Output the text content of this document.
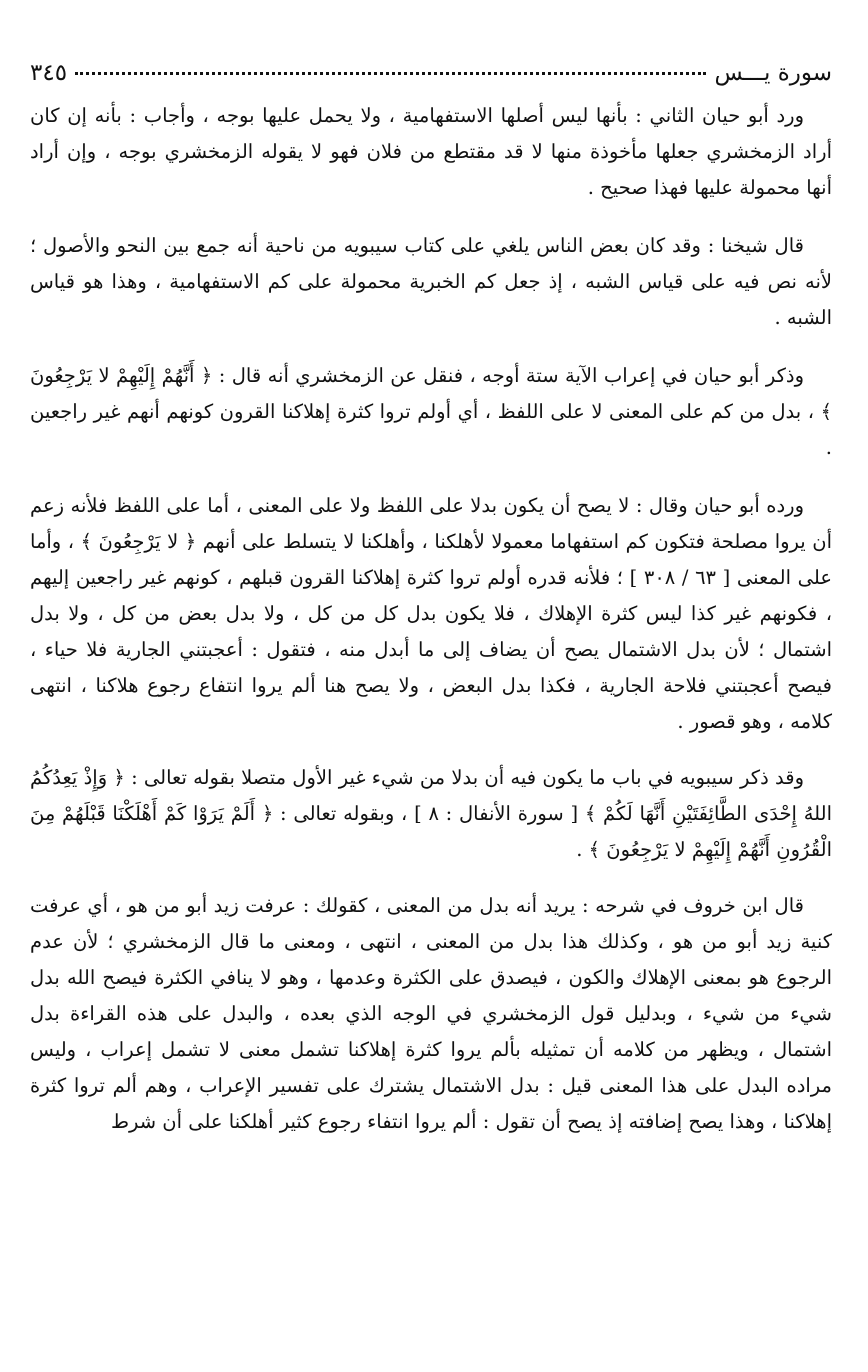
سورة يـــس
٣٤٥

ورد أبو حيان الثاني : بأنها ليس أصلها الاستفهامية ، ولا يحمل عليها بوجه ، وأجاب : بأنه إن كان أراد الزمخشري جعلها مأخوذة منها لا قد مقتطع من فلان فهو لا يقوله الزمخشري بوجه ، وإن أراد أنها محمولة عليها فهذا صحيح .

قال شيخنا : وقد كان بعض الناس يلغي على كتاب سيبويه من ناحية أنه جمع بين النحو والأصول ؛ لأنه نص فيه على قياس الشبه ، إذ جعل كم الخبرية محمولة على كم الاستفهامية ، وهذا هو قياس الشبه .

وذكر أبو حيان في إعراب الآية ستة أوجه ، فنقل عن الزمخشري أنه قال : ﴿ أَنَّهُمْ إِلَيْهِمْ لا يَرْجِعُونَ ﴾ ، بدل من كم على المعنى لا على اللفظ ، أي أولم تروا كثرة إهلاكنا القرون كونهم أنهم غير راجعين .

ورده أبو حيان وقال : لا يصح أن يكون بدلا على اللفظ ولا على المعنى ، أما على اللفظ فلأنه زعم أن يروا مصلحة فتكون كم استفهاما معمولا لأهلكنا ، وأهلكنا لا يتسلط على أنهم ﴿ لا يَرْجِعُونَ ﴾ ، وأما على المعنى [ ٦٣ / ٣٠٨ ] ؛ فلأنه قدره أولم تروا كثرة إهلاكنا القرون قبلهم ، كونهم غير راجعين إليهم ، فكونهم غير كذا ليس كثرة الإهلاك ، فلا يكون بدل كل من كل ، ولا بدل بعض من كل ، ولا بدل اشتمال ؛ لأن بدل الاشتمال يصح أن يضاف إلى ما أبدل منه ، فتقول : أعجبتني الجارية فلا حياء ، فيصح أعجبتني فلاحة الجارية ، فكذا بدل البعض ، ولا يصح هنا ألم يروا انتفاع رجوع هلاكنا ، انتهى كلامه ، وهو قصور .

وقد ذكر سيبويه في باب ما يكون فيه أن بدلا من شيء غير الأول متصلا بقوله تعالى : ﴿ وَإِذْ يَعِدُكُمُ اللهُ إِحْدَى الطَّائِفَتَيْنِ أَنَّهَا لَكُمْ ﴾ [ سورة الأنفال : ٨ ] ، وبقوله تعالى : ﴿ أَلَمْ يَرَوْا كَمْ أَهْلَكْنَا قَبْلَهُمْ مِنَ الْقُرُونِ أَنَّهُمْ إِلَيْهِمْ لا يَرْجِعُونَ ﴾ .

قال ابن خروف في شرحه : يريد أنه بدل من المعنى ، كقولك : عرفت زيد أبو من هو ، أي عرفت كنية زيد أبو من هو ، وكذلك هذا بدل من المعنى ، انتهى ، ومعنى ما قال الزمخشري ؛ لأن عدم الرجوع هو بمعنى الإهلاك والكون ، فيصدق على الكثرة وعدمها ، وهو لا ينافي الكثرة فيصح الله بدل شيء من شيء ، وبدليل قول الزمخشري في الوجه الذي بعده ، والبدل على هذه القراءة بدل اشتمال ، ويظهر من كلامه أن تمثيله بألم يروا كثرة إهلاكنا تشمل معنى لا تشمل إعراب ، وليس مراده البدل على هذا المعنى قيل : بدل الاشتمال يشترك على تفسير الإعراب ، وهم ألم تروا كثرة إهلاكنا ، وهذا يصح إضافته إذ يصح أن تقول : ألم يروا انتفاء رجوع كثير أهلكنا على أن شرط
